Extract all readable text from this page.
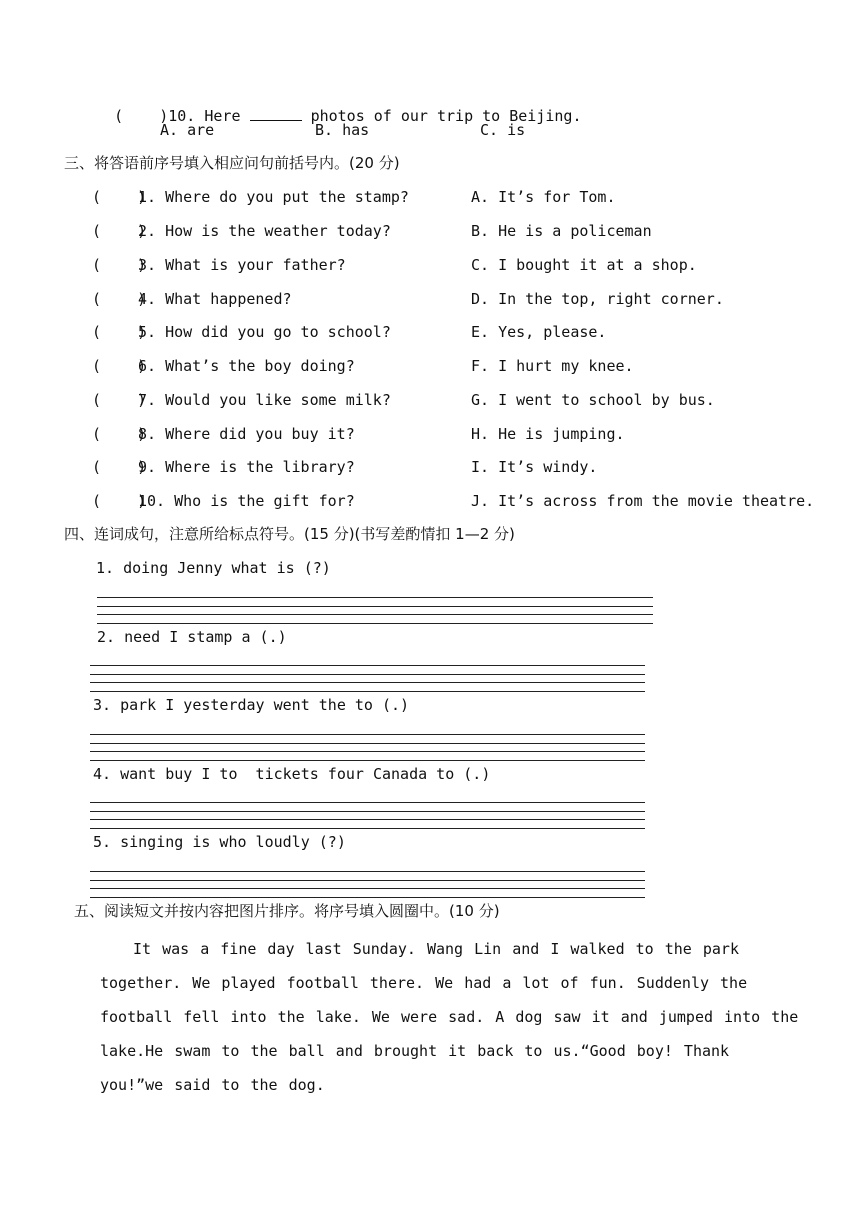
(    )10. Here	photos of our trip to Beijing.

A. are	B. has	C. is
三、将答语前序号填入相应问句前括号内。(20 分)
(    )1. Where do you put the stamp?	A. It’s for Tom.
(    )2. How is the weather today?	B. He is a policeman
(    )3. What is your father?	C. I bought it at a shop.
(    )4. What happened?	D. In the top, right corner.
(    )5. How did you go to school?	E. Yes, please.
(    )6. What’s the boy doing?	F. I hurt my knee.
(    )7. Would you like some milk?	G. I went to school by bus.
(    )8. Where did you buy it?	H. He is jumping.
(    )9. Where is the library?	I. It’s windy.
(    )10. Who is the gift for?	J. It’s across from the movie theatre.
四、连词成句，注意所给标点符号。(15 分)(书写差酌情扣 1—2 分)
1. doing Jenny what is (?)
2. need I stamp a (.)
3. park I yesterday went the to (.)
4. want buy I to  tickets four Canada to (.)
5. singing is who loudly (?)
五、阅读短文并按内容把图片排序。将序号填入圆圈中。(10 分)
It was a fine day last Sunday. Wang Lin and I walked to the park together. We played football there. We had a lot of fun. Suddenly the football fell into the lake. We were sad. A dog saw it and jumped into the lake.He swam to the ball and brought it back to us.“Good boy! Thank you!”we said to the dog.
